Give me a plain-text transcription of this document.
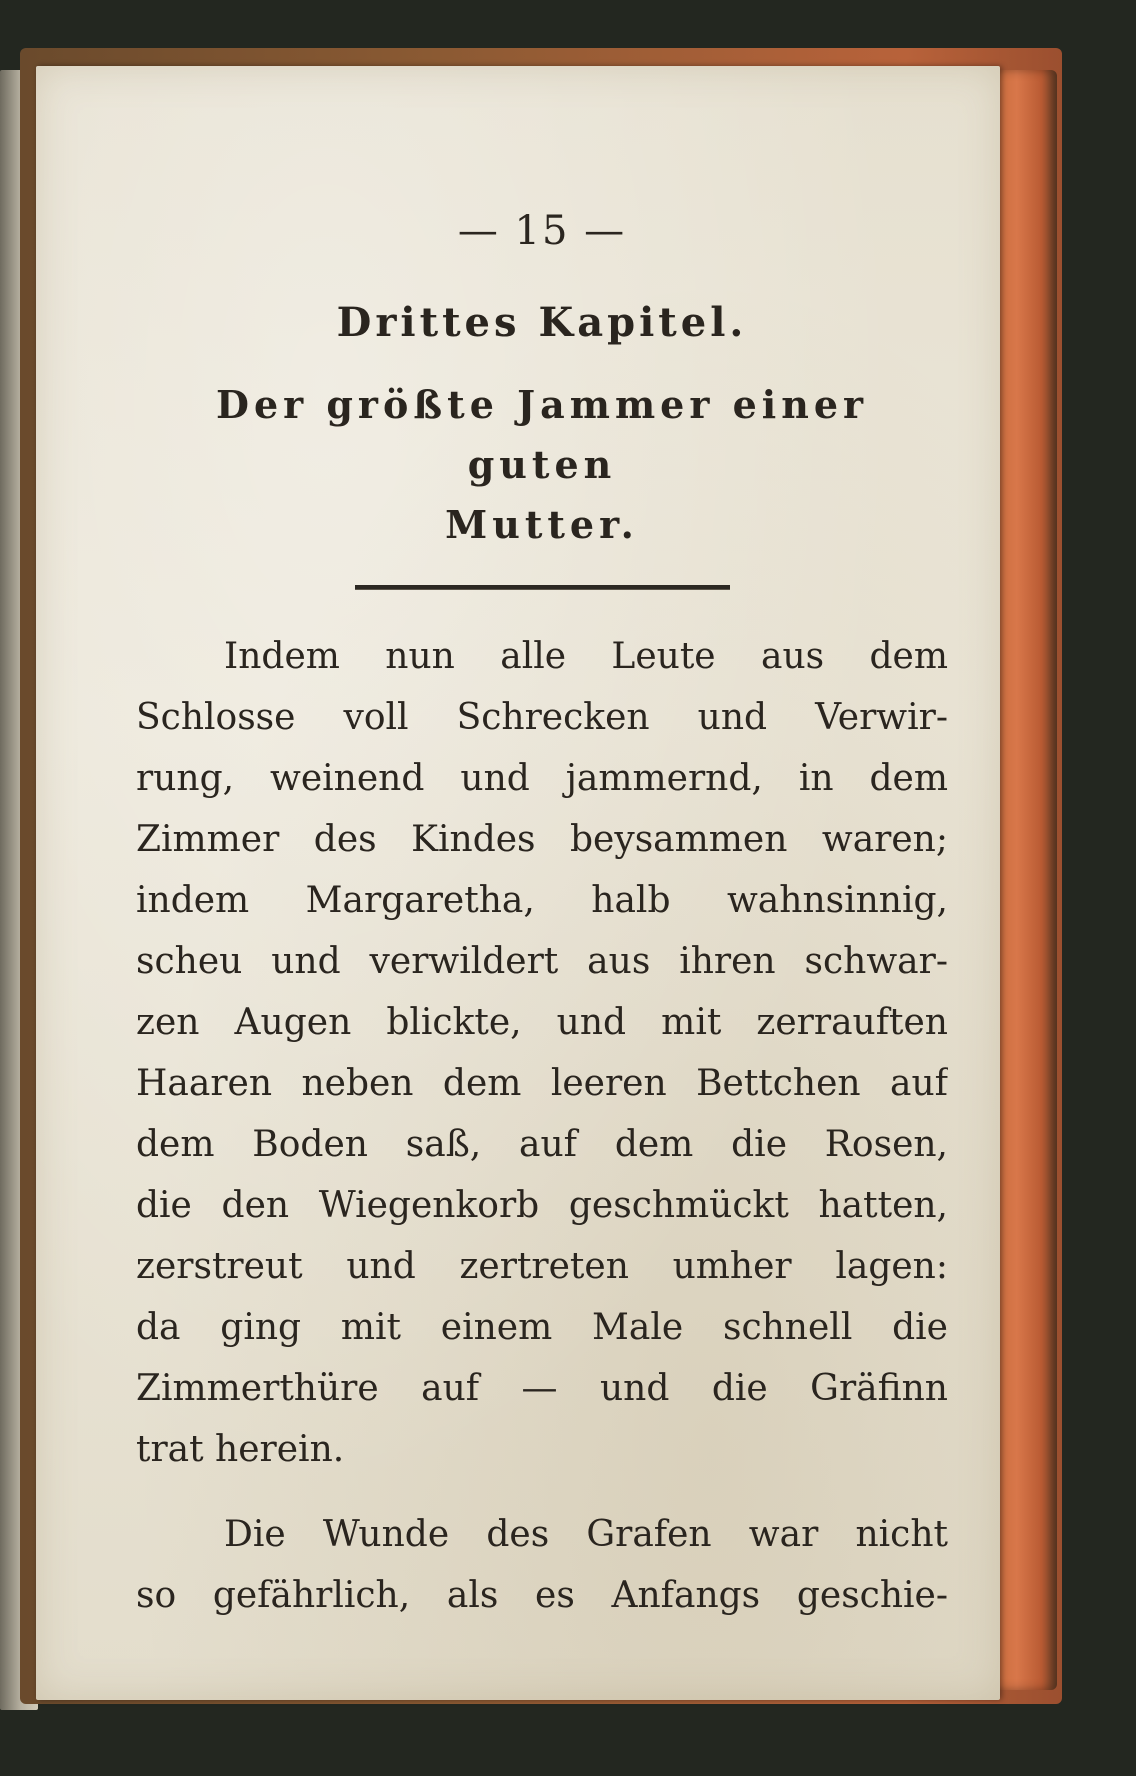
— 15 —
Drittes Kapitel.
Der größte Jammer einer guten
Mutter.
Indem nun alle Leute aus dem
Schlosse voll Schrecken und Verwir-
rung, weinend und jammernd, in dem
Zimmer des Kindes beysammen waren;
indem Margaretha, halb wahnsinnig,
scheu und verwildert aus ihren schwar-
zen Augen blickte, und mit zerrauften
Haaren neben dem leeren Bettchen auf
dem Boden saß, auf dem die Rosen,
die den Wiegenkorb geschmückt hatten,
zerstreut und zertreten umher lagen:
da ging mit einem Male schnell die
Zimmerthüre auf — und die Gräfinn
trat herein.
Die Wunde des Grafen war nicht
so gefährlich, als es Anfangs geschie-
